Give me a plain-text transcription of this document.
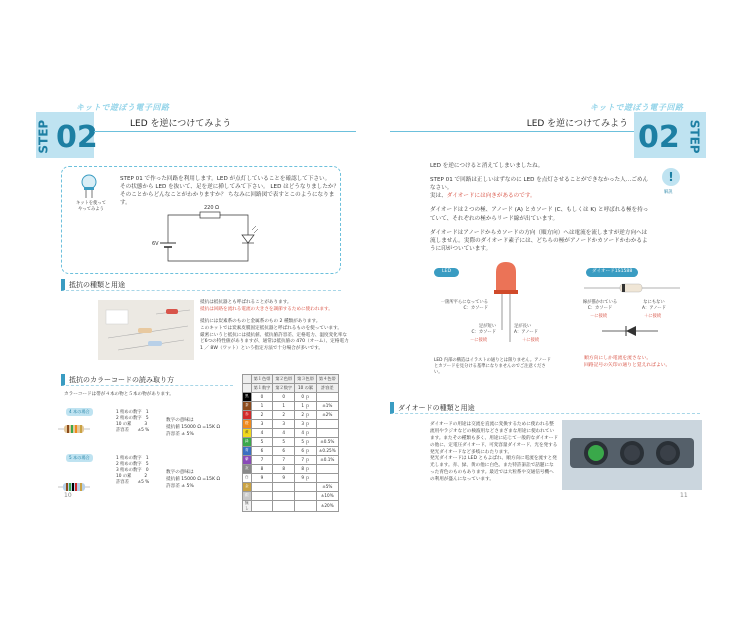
キットで遊ぼう電子回路
STEP 02	LED を逆につけてみよう
キットを使って
やってみよう
STEP 01 で作った回路を利用します。LED が点灯していることを確認して下さい。
その状態から LED を抜いて、足を逆に挿してみて下さい。 LED はどうなりましたか？
そのことからどんなことがわかりますか？ ちなみに回路図で表すとこのようになります。
220 Ω
6V
抵抗の種類と用途
抵抗は抵抗器とも呼ばれることがあります。
抵抗は回路を流れる電流の大きさを調節するために使われます。
抵抗には炭素系のものと金属系のもの 2 種類があります。
このキットでは炭素皮膜固定抵抗器と呼ばれるものを使っています。
厳密にいうと抵抗には抵抗値、抵抗値許容差、定格電力、温度変化率など6つの特性値がありますが、通常は抵抗値の 470（オーム）、定格電力 1 ／ 8W（ワット）という指定方法で十分場合が多いです。
抵抗のカラーコードの読み取り方
カラーコードは帯が４本の物と５本の物があります。
4 本の場合	1 桁めの数字　1
2 桁めの数字　5
10 の累　　　3
許容差　　±5 %
数字の意味は
抵抗値 15000 Ω =15K Ω
許容差 ± 5%
5 本の場合	1 桁めの数字　1
2 桁めの数字　5
3 桁めの数字　0
10 の累　　　2
許容差　　±5 %
数字の意味は
抵抗値 15000 Ω =15K Ω
許容差 ± 5%
	第１色帯	第２色帯	第３色帯	第４色帯
	第１数字	第２数字	10 の累	許容差
黒	0	0	0 ｐ	
茶	1	1	1 ｐ	±1%
赤	2	2	2 ｐ	±2%
橙	3	3	3 ｐ	
黄	4	4	4 ｐ	
緑	5	5	5 ｐ	±0.5%
青	6	6	6 ｐ	±0.25%
紫	7	7	7 ｐ	±0.1%
灰	8	8	8 ｐ	
白	9	9	9 ｐ	
金				±5%
銀				±10%
無し				±20%
10
キットで遊ぼう電子回路
LED を逆につけてみよう 02 STEP
LED を逆につけると消えてしまいましたね。
STEP 01 で回路は正しいはずなのに LED を点灯させることができなかった人…ごめんなさい。
実は、ダイオードには向きがあるのです。
ダイオードは２つの極、アノード (A) とカソード (C、もしくは K) と呼ばれる極を持っていて、それぞれの極からリード線が出ています。
ダイオードはアノードからカソードの方向（順方向）へは電流を流しますが逆方向へは流しません。実際のダイオード素子には、どちらの極がアノードかカソードかわかるように印がついています。
!
解説
LED
一箇所平らになっている
C：カソード
足が短い
C：カソード
－に接続
足が長い
A：アノード
＋に接続
LED 内部の構造はイラストの通りとは限りません。アノードとカソードを見分ける基準になりませんのでご注意ください。
ダイオード1S1588
線が描かれている
C：カソード
－に接続
なにもない
A：アノード
＋に接続
順方向にしか電流を流さない。
回路記号の矢印の通りと覚えればよい。
ダイオードの種類と用途
ダイオードの用途は交流を直流に変換するために使われる整流用やラジオなどの検波用などさまざまな用途に使われています。またその種類も多く、用途に応じて一般的なダイオードの他に、定電圧ダイオード、可変容量ダイオード、光を発する発光ダイオードなど多岐にわたります。
発光ダイオードは LED ともよばれ、順方向に電流を流すと発光します。赤、緑、黄の他に白色、また特許訴訟で話題になった青色のものもあります。最近では大粒系や交通信号機への利用が盛んになっています。
11
